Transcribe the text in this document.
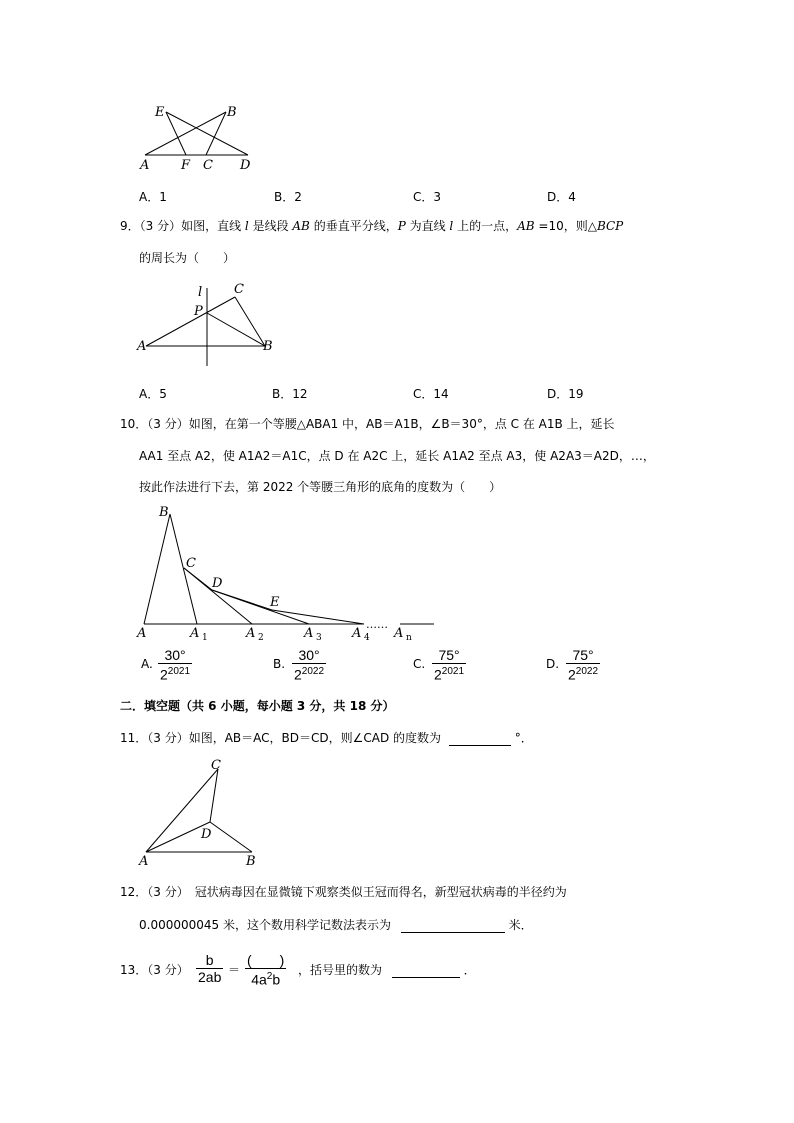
E	B
A F C D
A．1	B．2	C．3	D．4
9．（3 分）如图，直线 l 是线段 AB 的垂直平分线，P 为直线 l 上的一点，AB =10，则△BCP
的周长为（　　）
l C
P
A	B
A．5	B．12	C．14	D．19
10．（3 分）如图，在第一个等腰△ABA1 中，AB＝A1B，∠B＝30°，点 C 在 A1B 上，延长
AA1 至点 A2，使 A1A2＝A1C，点 D 在 A2C 上，延长 A1A2 至点 A3，使 A2A3＝A2D，…，
按此作法进行下去，第 2022 个等腰三角形的底角的度数为（　　）
B
C
D
E
A	A 1	A 2	A 3 A 4
……
A n
A. $\frac{30^\circ}{2^{2021}}$	B. $\frac{30^\circ}{2^{2022}}$	C. $\frac{75^\circ}{2^{2021}}$	D. $\frac{75^\circ}{2^{2022}}$
二．填空题（共 6 小题，每小题 3 分，共 18 分）
11．（3 分）如图，AB＝AC，BD＝CD，则∠CAD 的度数为	°．
C
D
A	B
12．（3 分）　冠状病毒因在显微镜下观察类似王冠而得名，新型冠状病毒的半径约为
0.000000045 米，这个数用科学记数法表示为	米．
13．（3 分） $\frac{b}{2ab}$ ＝
(　　)
$4a^2b$
，括号里的数为	．
